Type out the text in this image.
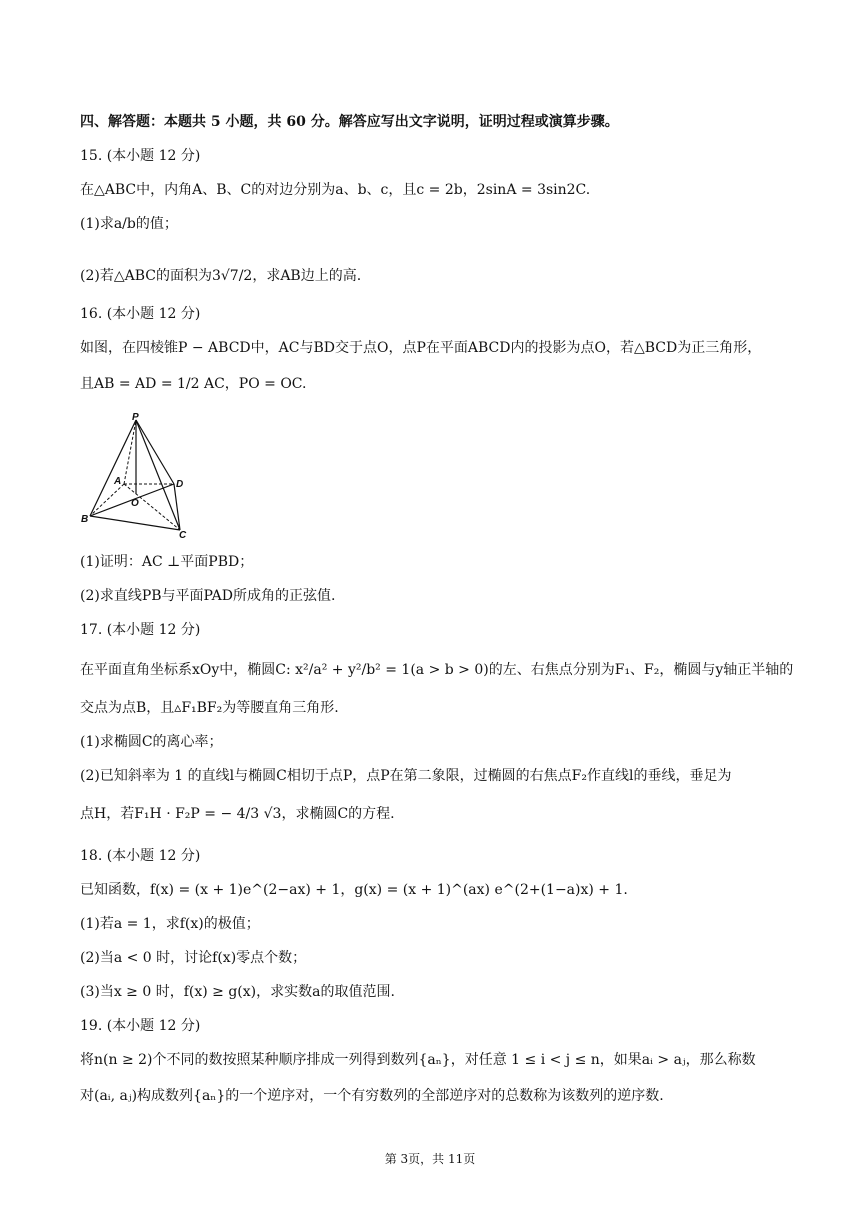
四、解答题：本题共 5 小题，共 60 分。解答应写出文字说明，证明过程或演算步骤。
15. (本小题 12 分)
在△ABC中，内角A、B、C的对边分别为a、b、c，且c = 2b，2sinA = 3sin2C.
(1)求a/b的值；
(2)若△ABC的面积为3√7/2，求AB边上的高.
16. (本小题 12 分)
如图，在四棱锥P − ABCD中，AC与BD交于点O，点P在平面ABCD内的投影为点O，若△BCD为正三角形，
且AB = AD = 1/2 AC，PO = OC.
P
A
B
C
D
O
(1)证明：AC ⊥平面PBD；
(2)求直线PB与平面PAD所成角的正弦值.
17. (本小题 12 分)
在平面直角坐标系xOy中，椭圆C: x²/a² + y²/b² = 1(a > b > 0)的左、右焦点分别为F₁、F₂，椭圆与y轴正半轴的
交点为点B，且▵F₁BF₂为等腰直角三角形.
(1)求椭圆C的离心率；
(2)已知斜率为 1 的直线l与椭圆C相切于点P，点P在第二象限，过椭圆的右焦点F₂作直线l的垂线，垂足为
点H，若F₁H · F₂P = − 4/3 √3，求椭圆C的方程.
18. (本小题 12 分)
已知函数，f(x) = (x + 1)e^(2−ax) + 1，g(x) = (x + 1)^(ax) e^(2+(1−a)x) + 1.
(1)若a = 1，求f(x)的极值；
(2)当a < 0 时，讨论f(x)零点个数；
(3)当x ≥ 0 时，f(x) ≥ g(x)，求实数a的取值范围.
19. (本小题 12 分)
将n(n ≥ 2)个不同的数按照某种顺序排成一列得到数列{aₙ}，对任意 1 ≤ i < j ≤ n，如果aᵢ > aⱼ，那么称数
对(aᵢ, aⱼ)构成数列{aₙ}的一个逆序对，一个有穷数列的全部逆序对的总数称为该数列的逆序数.
第 3页，共 11页
